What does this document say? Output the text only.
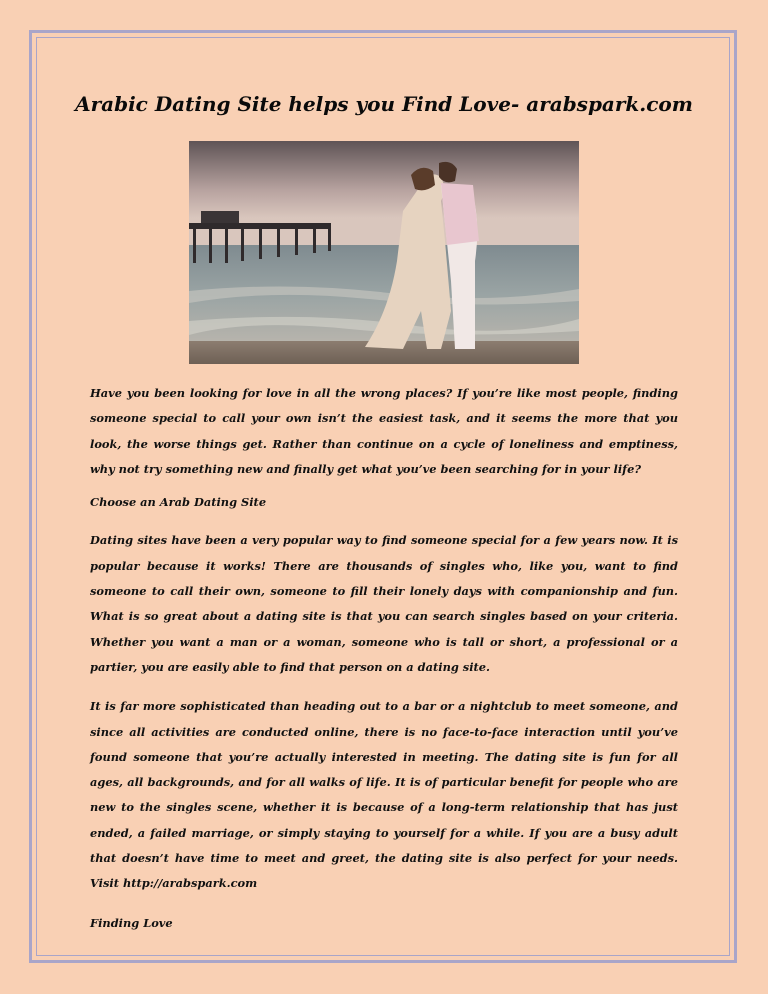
Arabic Dating Site helps you Find Love- arabspark.com

Have you been looking for love in all the wrong places? If you’re like most people, finding someone special to call your own isn’t the easiest task, and it seems the more that you look, the worse things get. Rather than continue on a cycle of loneliness and emptiness, why not try something new and finally get what you’ve been searching for in your life?

Choose an Arab Dating Site

Dating sites have been a very popular way to find someone special for a few years now. It is popular because it works! There are thousands of singles who, like you, want to find someone to call their own, someone to fill their lonely days with companionship and fun. What is so great about a dating site is that you can search singles based on your criteria. Whether you want a man or a woman, someone who is tall or short, a professional or a partier, you are easily able to find that person on a dating site.

It is far more sophisticated than heading out to a bar or a nightclub to meet someone, and since all activities are conducted online, there is no face-to-face interaction until you’ve found someone that you’re actually interested in meeting. The dating site is fun for all ages, all backgrounds, and for all walks of life. It is of particular benefit for people who are new to the singles scene, whether it is because of a long-term relationship that has just ended, a failed marriage, or simply staying to yourself for a while. If you are a busy adult that doesn’t have time to meet and greet, the dating site is also perfect for your needs. Visit http://arabspark.com

Finding Love
